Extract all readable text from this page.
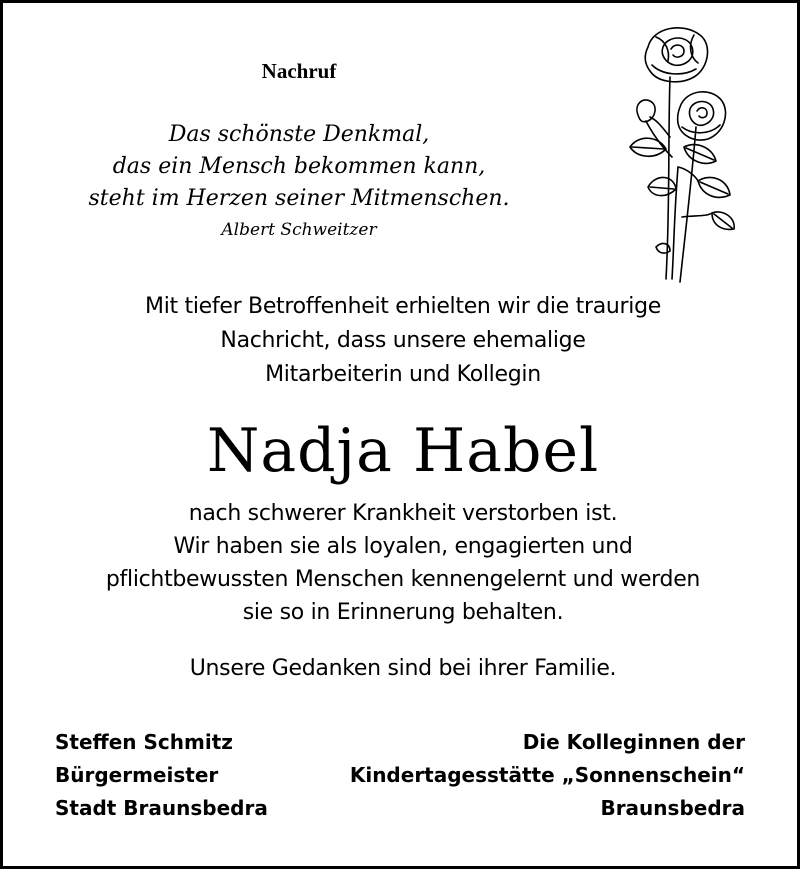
Nachruf
Das schönste Denkmal,
das ein Mensch bekommen kann,
steht im Herzen seiner Mitmenschen.
Albert Schweitzer
Mit tiefer Betroffenheit erhielten wir die traurige
Nachricht, dass unsere ehemalige
Mitarbeiterin und Kollegin
Nadja Habel
nach schwerer Krankheit verstorben ist.
Wir haben sie als loyalen, engagierten und
pflichtbewussten Menschen kennengelernt und werden
sie so in Erinnerung behalten.
Unsere Gedanken sind bei ihrer Familie.
Steffen Schmitz
Bürgermeister
Stadt Braunsbedra
Die Kolleginnen der
Kindertagesstätte „Sonnenschein“
Braunsbedra
